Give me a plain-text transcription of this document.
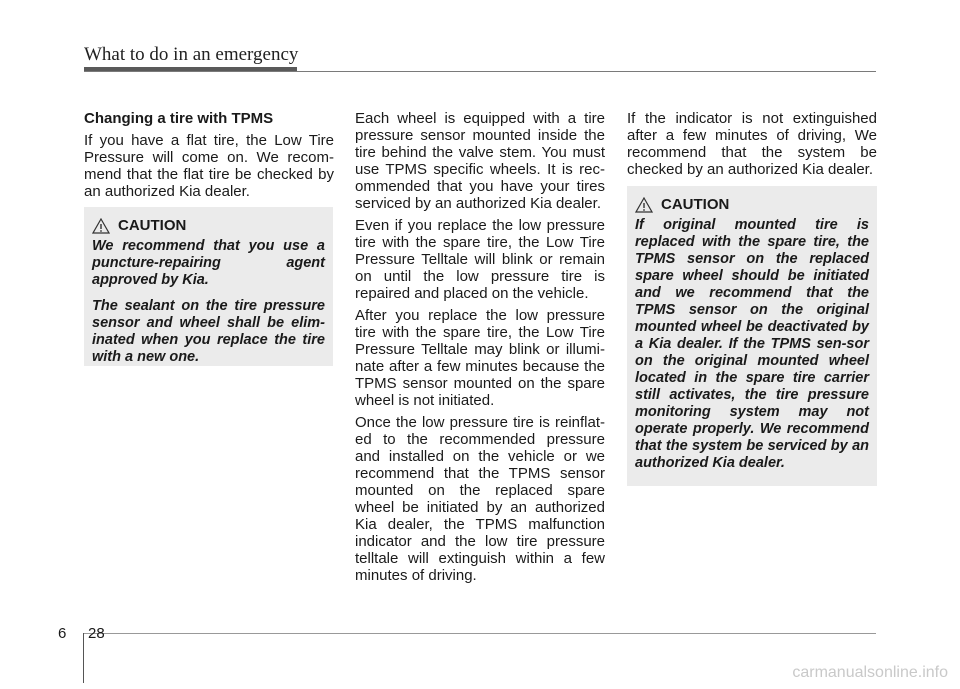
What to do in an emergency

Changing a tire with TPMS

If you have a flat tire, the Low Tire Pressure will come on. We recom-mend that the flat tire be checked by an authorized Kia dealer.

CAUTION

We recommend that you use a puncture-repairing agent approved by Kia.

The sealant on the tire pressure sensor and wheel shall be elim-inated when you replace the tire with a new one.

Each wheel is equipped with a tire pressure sensor mounted inside the tire behind the valve stem. You must use TPMS specific wheels. It is rec-ommended that you have your tires serviced by an authorized Kia dealer.

Even if you replace the low pressure tire with the spare tire, the Low Tire Pressure Telltale will blink or remain on until the low pressure tire is repaired and placed on the vehicle.

After you replace the low pressure tire with the spare tire, the Low Tire Pressure Telltale may blink or illumi-nate after a few minutes because the TPMS sensor mounted on the spare wheel is not initiated.

Once the low pressure tire is reinflat-ed to the recommended pressure and installed on the vehicle or we recommend that the TPMS sensor mounted on the replaced spare wheel be initiated by an authorized Kia dealer, the TPMS malfunction indicator and the low tire pressure telltale will extinguish within a few minutes of driving.

If the indicator is not extinguished after a few minutes of driving, We recommend that the system be checked by an authorized Kia dealer.

CAUTION

If original mounted tire is replaced with the spare tire, the TPMS sensor on the replaced spare wheel should be initiated and we recommend that the TPMS sensor on the original mounted wheel be deactivated by a Kia dealer. If the TPMS sen-sor on the original mounted wheel located in the spare tire carrier still activates, the tire pressure monitoring system may not operate properly. We recommend that the system be serviced by an authorized Kia dealer.

6 28
carmanualsonline.info
